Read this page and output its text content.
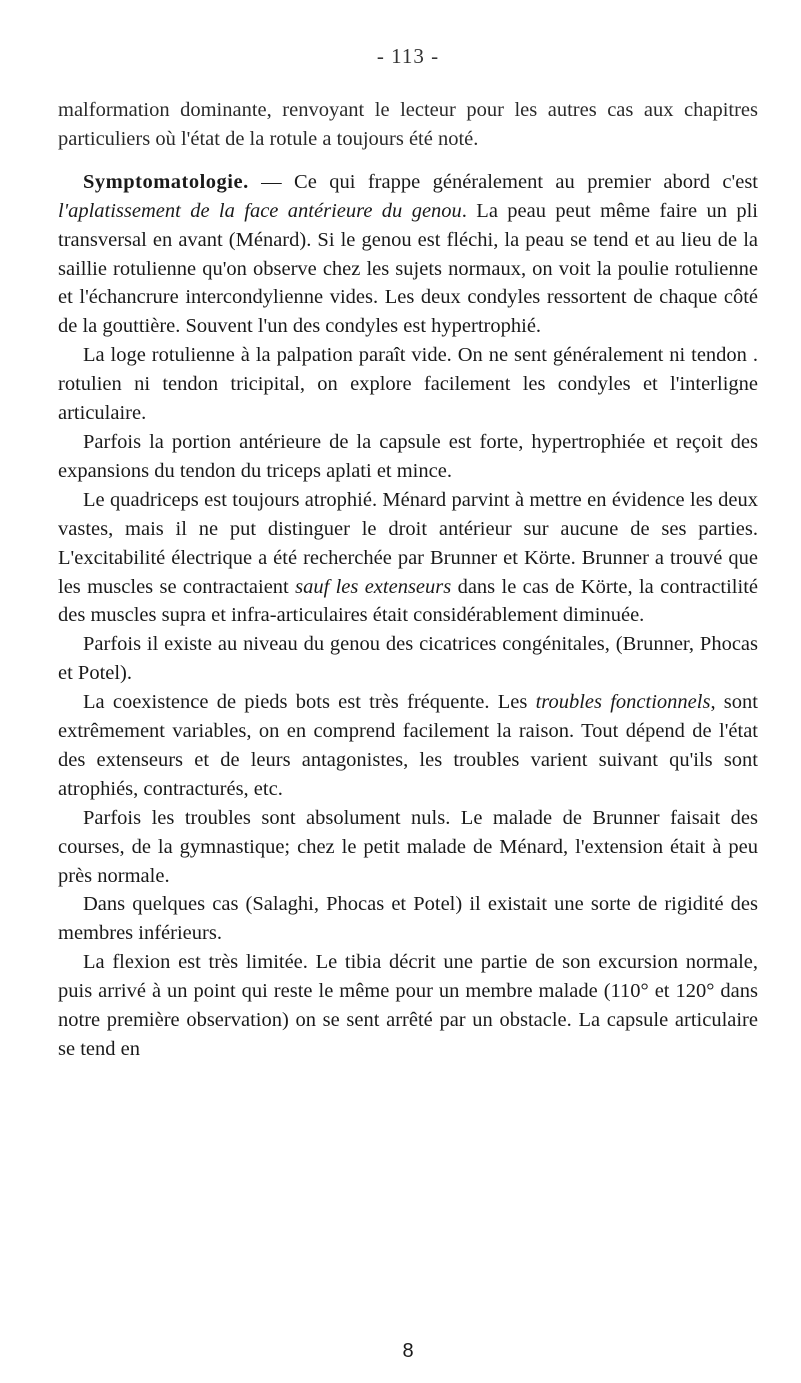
- 113 -

malformation dominante, renvoyant le lecteur pour les autres cas aux chapitres particuliers où l'état de la rotule a toujours été noté.

Symptomatologie. — Ce qui frappe généralement au premier abord c'est l'aplatissement de la face antérieure du genou. La peau peut même faire un pli transversal en avant (Ménard). Si le genou est fléchi, la peau se tend et au lieu de la saillie rotulienne qu'on observe chez les sujets normaux, on voit la poulie rotulienne et l'échancrure intercondylienne vides. Les deux condyles ressortent de chaque côté de la gouttière. Souvent l'un des condyles est hypertrophié.

La loge rotulienne à la palpation paraît vide. On ne sent généralement ni tendon . rotulien ni tendon tricipital, on explore facilement les condyles et l'interligne articulaire.

Parfois la portion antérieure de la capsule est forte, hypertrophiée et reçoit des expansions du tendon du triceps aplati et mince.

Le quadriceps est toujours atrophié. Ménard parvint à mettre en évidence les deux vastes, mais il ne put distinguer le droit antérieur sur aucune de ses parties. L'excitabilité électrique a été recherchée par Brunner et Körte. Brunner a trouvé que les muscles se contractaient sauf les extenseurs dans le cas de Körte, la contractilité des muscles supra et infra-articulaires était considérablement diminuée.

Parfois il existe au niveau du genou des cicatrices congénitales, (Brunner, Phocas et Potel).

La coexistence de pieds bots est très fréquente. Les troubles fonctionnels, sont extrêmement variables, on en comprend facilement la raison. Tout dépend de l'état des extenseurs et de leurs antagonistes, les troubles varient suivant qu'ils sont atrophiés, contracturés, etc.

Parfois les troubles sont absolument nuls. Le malade de Brunner faisait des courses, de la gymnastique; chez le petit malade de Ménard, l'extension était à peu près normale.

Dans quelques cas (Salaghi, Phocas et Potel) il existait une sorte de rigidité des membres inférieurs.

La flexion est très limitée. Le tibia décrit une partie de son excursion normale, puis arrivé à un point qui reste le même pour un membre malade (110° et 120° dans notre première observation) on se sent arrêté par un obstacle. La capsule articulaire se tend en

8
